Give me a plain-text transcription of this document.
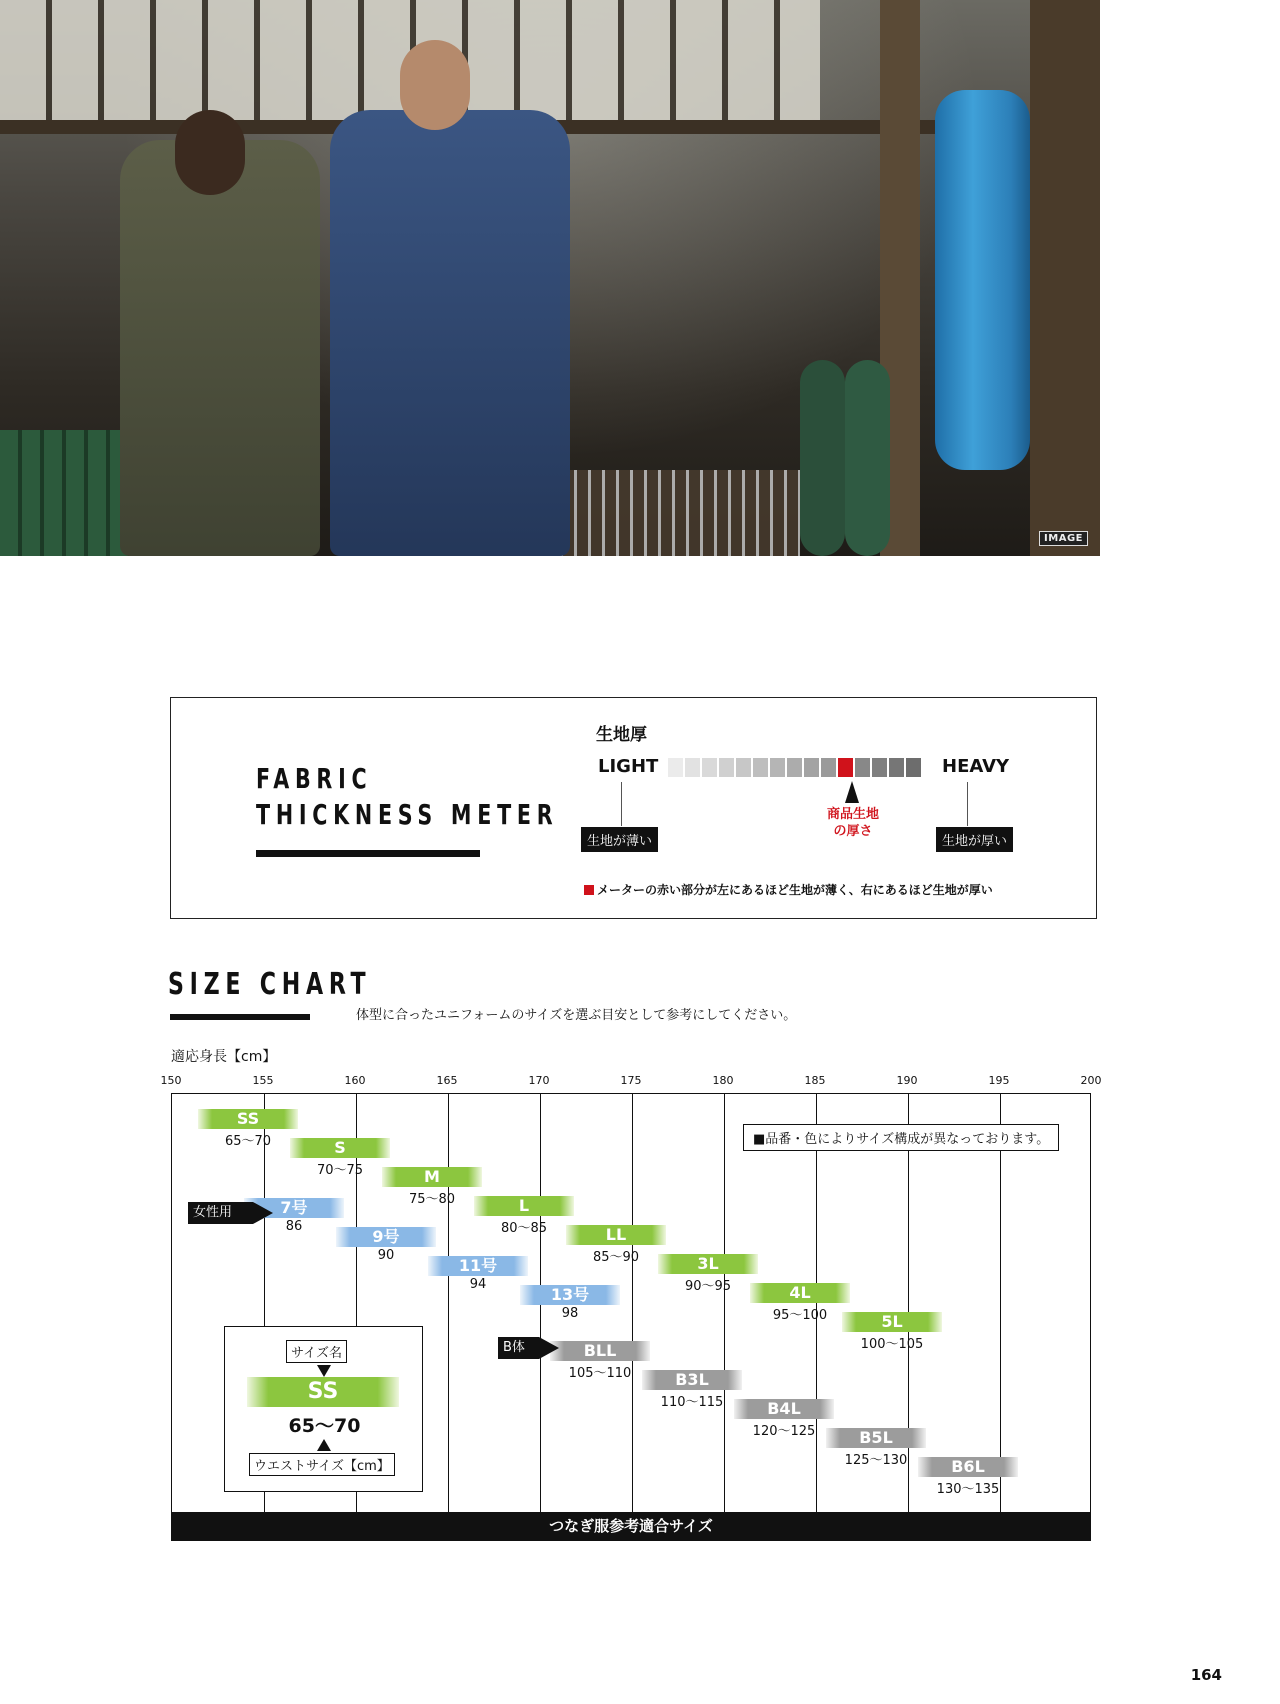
IMAGE
FABRIC
THICKNESS METER
生地厚
LIGHT	HEAVY
商品生地
の厚さ
生地が薄い	生地が厚い
メーターの赤い部分が左にあるほど生地が薄く、右にあるほど生地が厚い
SIZE CHART
体型に合ったユニフォームのサイズを選ぶ目安として参考にしてください。
適応身長【cm】
150	155	160	165	170	175	180	185	190	195	200
SS
65〜70	S
70〜75	M
75〜80	L
80〜85	LL
85〜90	3L
90〜95	4L
95〜100	5L
100〜105
7号
86
9号
90
11号
94
13号
98
BLL
105〜110	B3L
110〜115	B4L
120〜125	B5L
125〜130	B6L
130〜135
女性用
B体
■品番・色によりサイズ構成が異なっております。
サイズ名
SS
65〜70
ウエストサイズ【cm】
つなぎ服参考適合サイズ
164
